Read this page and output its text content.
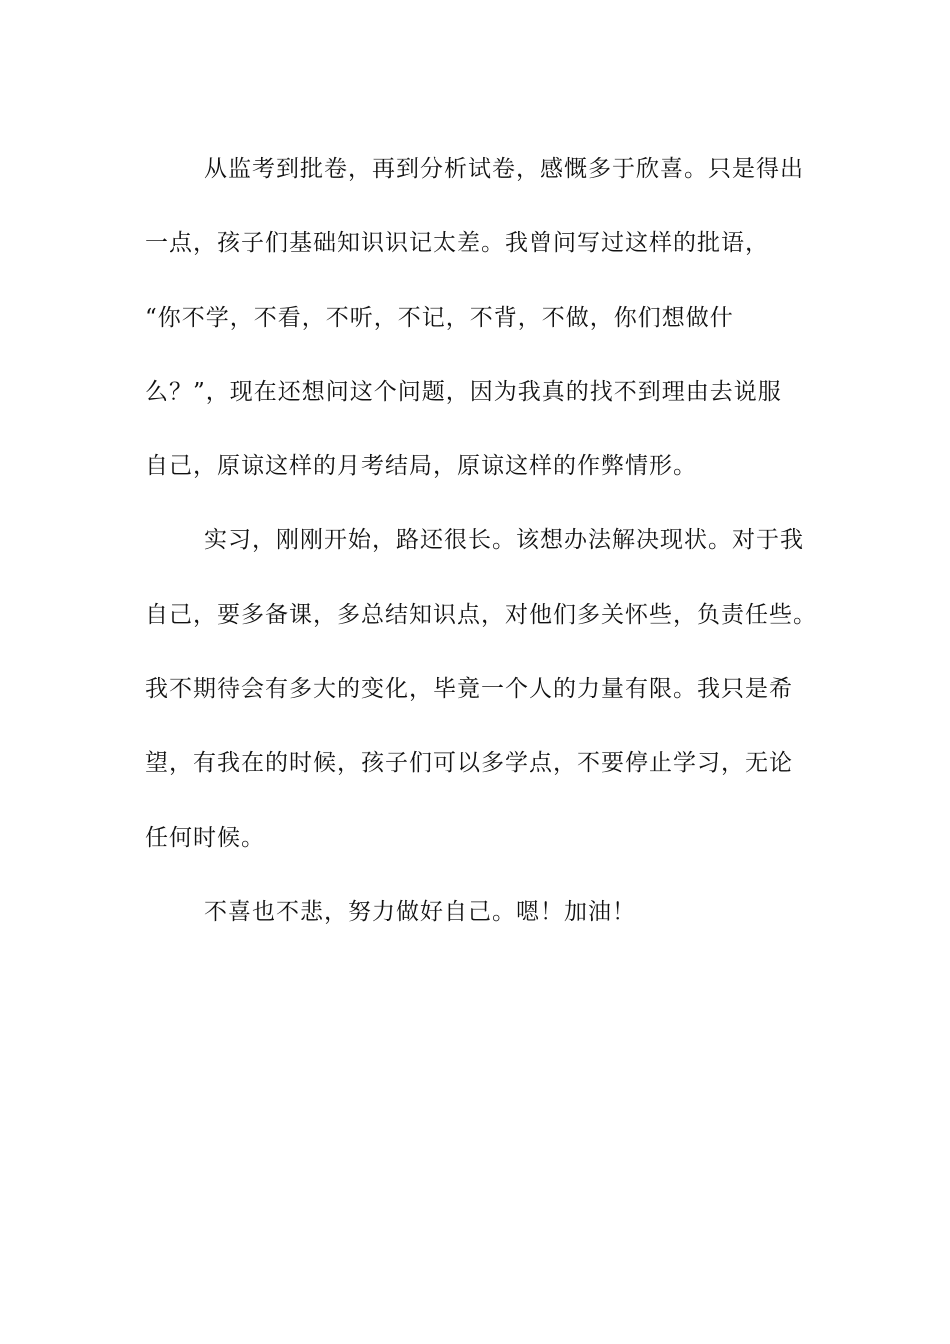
从监考到批卷，再到分析试卷，感慨多于欣喜。只是得出
一点，孩子们基础知识识记太差。我曾问写过这样的批语，
“你不学，不看，不听，不记，不背，不做，你们想做什
么？”，现在还想问这个问题，因为我真的找不到理由去说服
自己，原谅这样的月考结局，原谅这样的作弊情形。
实习，刚刚开始，路还很长。该想办法解决现状。对于我
自己，要多备课，多总结知识点，对他们多关怀些，负责任些。
我不期待会有多大的变化，毕竟一个人的力量有限。我只是希
望，有我在的时候，孩子们可以多学点，不要停止学习，无论
任何时候。
不喜也不悲，努力做好自己。嗯！加油！
